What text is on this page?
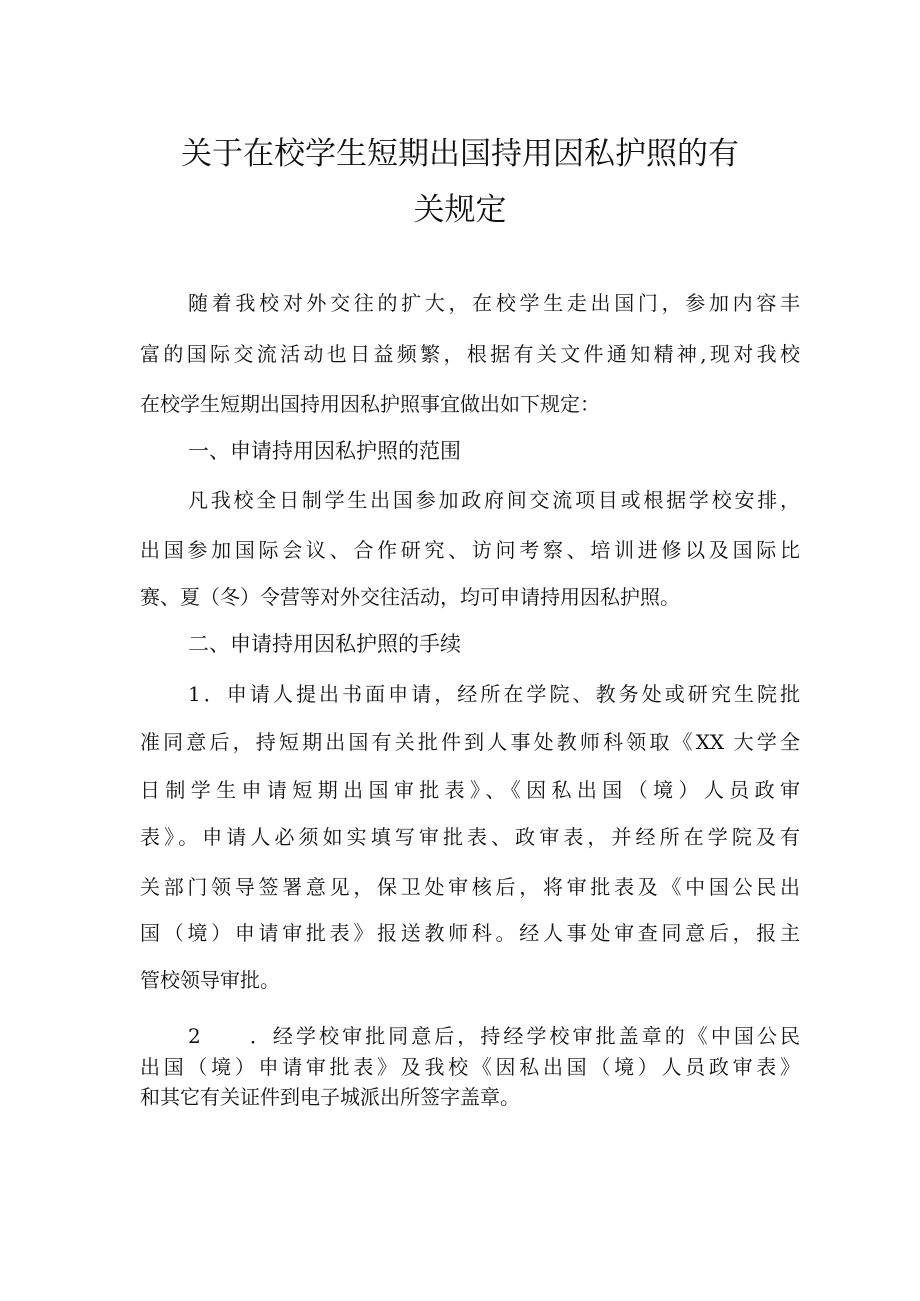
关于在校学生短期出国持用因私护照的有
关规定

随着我校对外交往的扩大，在校学生走出国门，参加内容丰

富的国际交流活动也日益频繁，根据有关文件通知精神,现对我校

在校学生短期出国持用因私护照事宜做出如下规定：

一、申请持用因私护照的范围

凡我校全日制学生出国参加政府间交流项目或根据学校安排，

出国参加国际会议、合作研究、访问考察、培训进修以及国际比

赛、夏（冬）令营等对外交往活动，均可申请持用因私护照。

二、申请持用因私护照的手续

1．申请人提出书面申请，经所在学院、教务处或研究生院批

准同意后，持短期出国有关批件到人事处教师科领取《XX 大学全

日制学生申请短期出国审批表》、《因私出国（境）人员政审

表》。申请人必须如实填写审批表、政审表，并经所在学院及有

关部门领导签署意见，保卫处审核后，将审批表及《中国公民出

国（境）申请审批表》报送教师科。经人事处审查同意后，报主

管校领导审批。

2　　．经学校审批同意后，持经学校审批盖章的《中国公民

出国（境）申请审批表》及我校《因私出国（境）人员政审表》

和其它有关证件到电子城派出所签字盖章。
